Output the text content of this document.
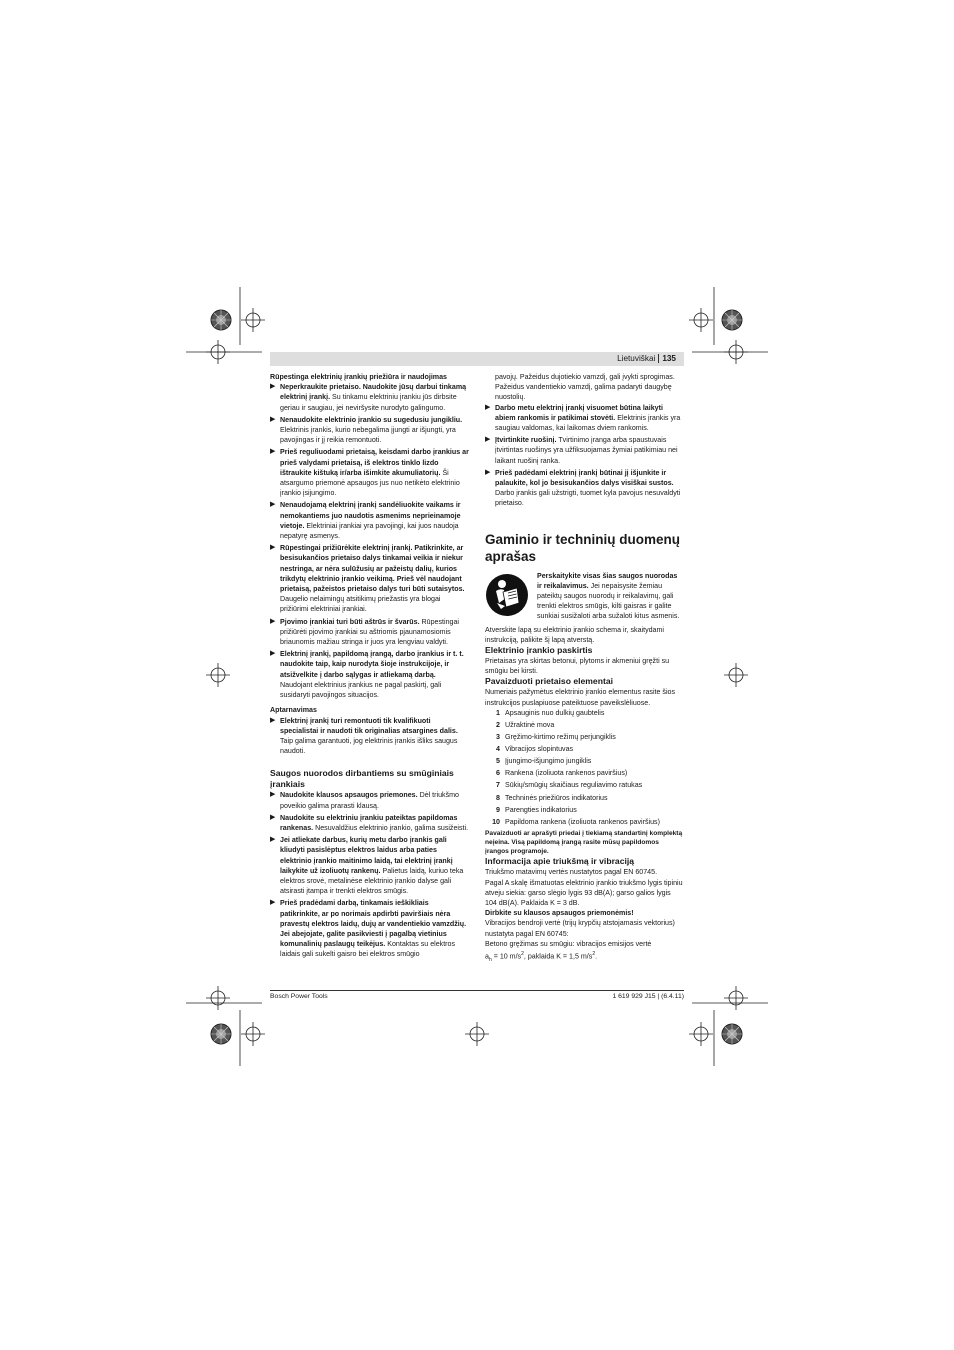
Lietuviškai 135

Rūpestinga elektrinių įrankių priežiūra ir naudojimas

▶ Neperkraukite prietaiso. Naudokite jūsų darbui tinkamą elektrinį įrankį. Su tinkamu elektriniu įrankiu jūs dirbsite geriau ir saugiau, jei neviršysite nurodyto galingumo.
▶ Nenaudokite elektrinio įrankio su sugedusiu jungikliu. Elektrinis įrankis, kurio nebegalima įjungti ar išjungti, yra pavojingas ir jį reikia remontuoti.
▶ Prieš reguliuodami prietaisą, keisdami darbo įrankius ar prieš valydami prietaisą, iš elektros tinklo lizdo ištraukite kištuką ir/arba išimkite akumuliatorių. Ši atsargumo priemonė apsaugos jus nuo netikėto elektrinio įrankio įsijungimo.
▶ Nenaudojamą elektrinį įrankį sandėliuokite vaikams ir nemokantiems juo naudotis asmenims neprieinamoje vietoje. Elektriniai įrankiai yra pavojingi, kai juos naudoja nepatyrę asmenys.
▶ Rūpestingai prižiūrėkite elektrinį įrankį. Patikrinkite, ar besisukančios prietaiso dalys tinkamai veikia ir niekur nestringa, ar nėra sulūžusių ar pažeistų dalių, kurios trikdytų elektrinio įrankio veikimą. Prieš vėl naudojant prietaisą, pažeistos prietaiso dalys turi būti sutaisytos. Daugelio nelaimingų atsitikimų priežastis yra blogai prižiūrimi elektriniai įrankiai.
▶ Pjovimo įrankiai turi būti aštrūs ir švarūs. Rūpestingai prižiūrėti pjovimo įrankiai su aštriomis pjaunamosiomis briaunomis mažiau stringa ir juos yra lengviau valdyti.
▶ Elektrinį įrankį, papildomą įrangą, darbo įrankius ir t. t. naudokite taip, kaip nurodyta šioje instrukcijoje, ir atsižvelkite į darbo sąlygas ir atliekamą darbą. Naudojant elektrinius įrankius ne pagal paskirtį, gali susidaryti pavojingos situacijos.

Aptarnavimas

▶ Elektrinį įrankį turi remontuoti tik kvalifikuoti specialistai ir naudoti tik originalias atsargines dalis. Taip galima garantuoti, jog elektrinis įrankis išliks saugus naudoti.

Saugos nuorodos dirbantiems su smūginiais įrankiais

▶ Naudokite klausos apsaugos priemones. Dėl triukšmo poveikio galima prarasti klausą.
▶ Naudokite su elektriniu įrankiu pateiktas papildomas rankenas. Nesuvaldžius elektrinio įrankio, galima susižeisti.
▶ Jei atliekate darbus, kurių metu darbo įrankis gali kliudyti pasislėptus elektros laidus arba paties elektrinio įrankio maitinimo laidą, tai elektrinį įrankį laikykite už izoliuotų rankenų. Palietus laidą, kuriuo teka elektros srovė, metalinėse elektrinio įrankio dalyse gali atsirasti įtampa ir trenkti elektros smūgis.
▶ Prieš pradėdami darbą, tinkamais ieškikliais patikrinkite, ar po norimais apdirbti paviršiais nėra pravestų elektros laidų, dujų ar vandentiekio vamzdžių. Jei abejojate, galite pasikviesti į pagalbą vietinius komunalinių paslaugų teikėjus. Kontaktas su elektros laidais gali sukelti gaisro bei elektros smūgio

pavojų. Pažeidus dujotiekio vamzdį, gali įvykti sprogimas. Pažeidus vandentiekio vamzdį, galima padaryti daugybę nuostolių.

▶ Darbo metu elektrinį įrankį visuomet būtina laikyti abiem rankomis ir patikimai stovėti. Elektrinis įrankis yra saugiau valdomas, kai laikomas dviem rankomis.
▶ Įtvirtinkite ruošinį. Tvirtinimo įranga arba spaustuvais įtvirtintas ruošinys yra užfiksuojamas žymiai patikimiau nei laikant ruošinį ranka.
▶ Prieš padėdami elektrinį įrankį būtinai jį išjunkite ir palaukite, kol jo besisukančios dalys visiškai sustos. Darbo įrankis gali užstrigti, tuomet kyla pavojus nesuvaldyti prietaiso.
Gaminio ir techninių duomenų aprašas

Perskaitykite visas šias saugos nuorodas ir reikalavimus. Jei nepaisysite žemiau pateiktų saugos nuorodų ir reikalavimų, gali trenkti elektros smūgis, kilti gaisras ir galite sunkiai susižaloti arba sužaloti kitus asmenis.

Atverskite lapą su elektrinio įrankio schema ir, skaitydami instrukciją, palikite šį lapą atverstą.

Elektrinio įrankio paskirtis

Prietaisas yra skirtas betonui, plytoms ir akmeniui gręžti su smūgiu bei kirsti.

Pavaizduoti prietaiso elementai

Numeriais pažymėtus elektrinio įrankio elementus rasite šios instrukcijos puslapiuose pateiktuose paveikslėliuose.

1 Apsauginis nuo dulkių gaubtelis
2 Užraktinė mova
3 Gręžimo-kirtimo režimų perjungiklis
4 Vibracijos slopintuvas
5 Įjungimo-išjungimo jungiklis
6 Rankena (izoliuota rankenos paviršius)
7 Sūkių/smūgių skaičiaus reguliavimo ratukas
8 Techninės priežiūros indikatorius
9 Parengties indikatorius
10 Papildoma rankena (izoliuota rankenos paviršius)

Pavaizduoti ar aprašyti priedai į tiekiamą standartinį komplektą neįeina. Visą papildomą įrangą rasite mūsų papildomos įrangos programoje.

Informacija apie triukšmą ir vibraciją

Triukšmo matavimų vertės nustatytos pagal EN 60745.

Pagal A skalę išmatuotas elektrinio įrankio triukšmo lygis tipiniu atveju siekia: garso slėgio lygis 93 dB(A); garso galios lygis 104 dB(A). Paklaida K = 3 dB.

Dirbkite su klausos apsaugos priemonėmis!

Vibracijos bendroji vertė (trijų krypčių atstojamasis vektorius) nustatyta pagal EN 60745:

Betono gręžimas su smūgiu: vibracijos emisijos vertė

$a_h = 10$ $m/s^2$, paklaida K = 1,5 $m/s^2$.

Bosch Power Tools	1 619 929 J15 | (6.4.11)
